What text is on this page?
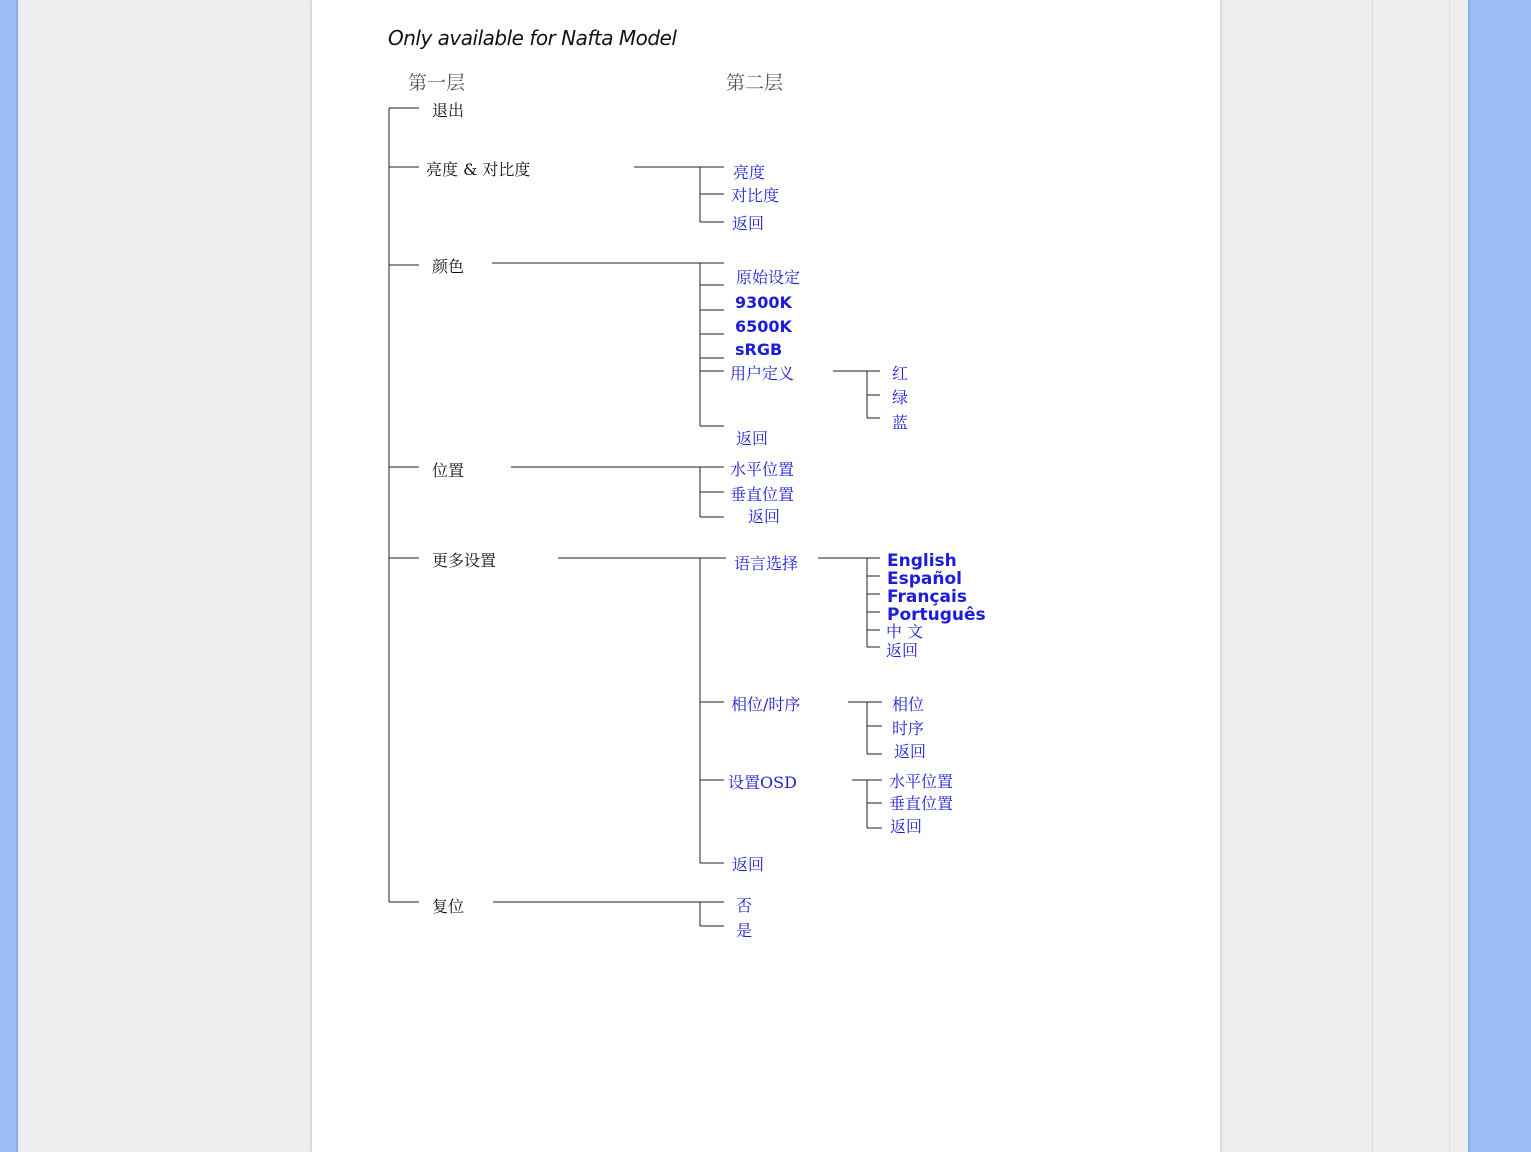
Only available for Nafta Model
第一层	第二层
退出
亮度 & 对比度
颜色
位置
更多设置
复位
亮度
对比度
返回
原始设定
9300K
6500K
sRGB
用户定义
返回
红
绿
蓝
水平位置
垂直位置
返回
语言选择
相位/时序
设置OSD
返回
English
Español
Français
Português
中 文
返回
相位
时序
返回
水平位置
垂直位置
返回
否
是
